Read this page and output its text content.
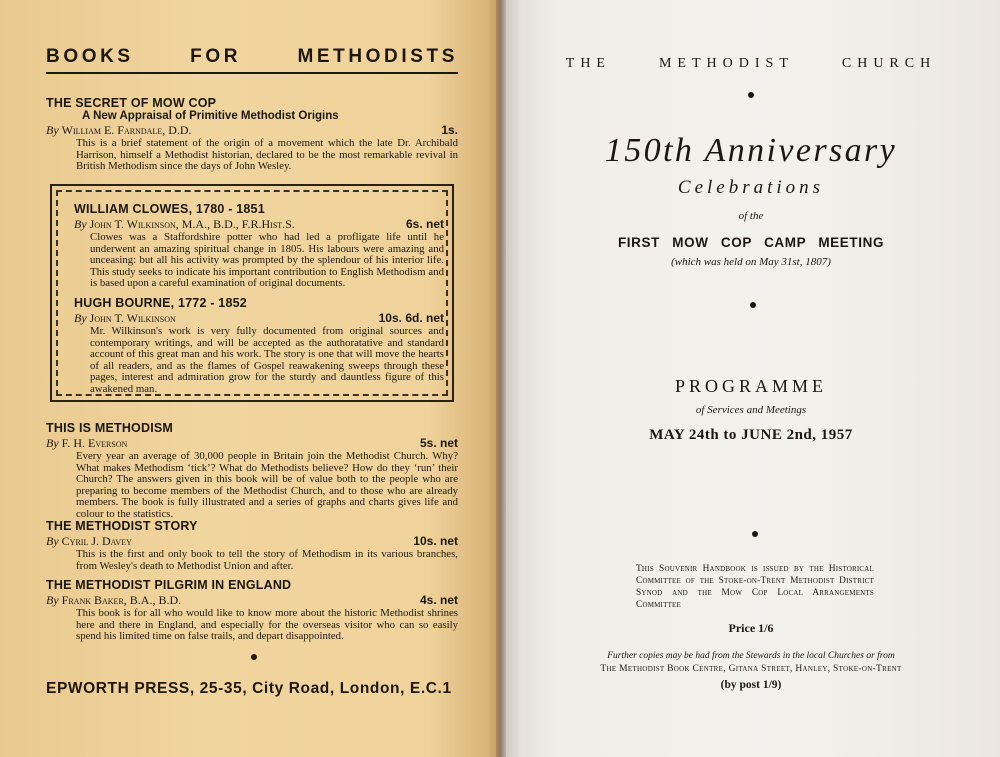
BOOKS	FOR	METHODISTS
THE SECRET OF MOW COP
A New Appraisal of Primitive Methodist Origins
By William E. Farndale, D.D.	1s.
This is a brief statement of the origin of a movement which the late Dr. Archibald Harrison, himself a Methodist historian, declared to be the most remarkable revival in British Methodism since the days of John Wesley.
WILLIAM CLOWES, 1780 - 1851
By John T. Wilkinson, M.A., B.D., F.R.Hist.S.	6s. net
Clowes was a Staffordshire potter who had led a profligate life until he underwent an amazing spiritual change in 1805. His labours were amazing and unceasing: but all his activity was prompted by the splendour of his interior life. This study seeks to indicate his important contribution to English Methodism and is based upon a careful examination of original documents.
HUGH BOURNE, 1772 - 1852
By John T. Wilkinson	10s. 6d. net
Mr. Wilkinson's work is very fully documented from original sources and contemporary writings, and will be accepted as the authoratative and standard account of this great man and his work. The story is one that will move the hearts of all readers, and as the flames of Gospel reawakening sweeps through these pages, interest and admiration grow for the sturdy and dauntless figure of this awakened man.
THIS IS METHODISM
By F. H. Everson	5s. net
Every year an average of 30,000 people in Britain join the Methodist Church. Why? What makes Methodism ‘tick’? What do Methodists believe? How do they ‘run’ their Church? The answers given in this book will be of value both to the people who are preparing to become members of the Methodist Church, and to those who are already members. The book is fully illustrated and a series of graphs and charts gives life and colour to the statistics.
THE METHODIST STORY
By Cyril J. Davey	10s. net
This is the first and only book to tell the story of Methodism in its various branches, from Wesley's death to Methodist Union and after.
THE METHODIST PILGRIM IN ENGLAND
By Frank Baker, B.A., B.D.	4s. net
This book is for all who would like to know more about the historic Methodist shrines here and there in England, and especially for the overseas visitor who can so easily spend his limited time on false trails, and depart disappointed.
EPWORTH PRESS, 25-35, City Road, London, E.C.1
THE	METHODIST	CHURCH
150th Anniversary
Celebrations
of the
FIRST MOW COP CAMP MEETING
(which was held on May 31st, 1807)
PROGRAMME
of Services and Meetings
MAY 24th to JUNE 2nd, 1957
This Souvenir Handbook is issued by the Historical Committee of the Stoke-on-Trent Methodist District Synod and the Mow Cop Local Arrangements Committee
Price 1/6
Further copies may be had from the Stewards in the local Churches or from
The Methodist Book Centre, Gitana Street, Hanley, Stoke-on-Trent
(by post 1/9)
